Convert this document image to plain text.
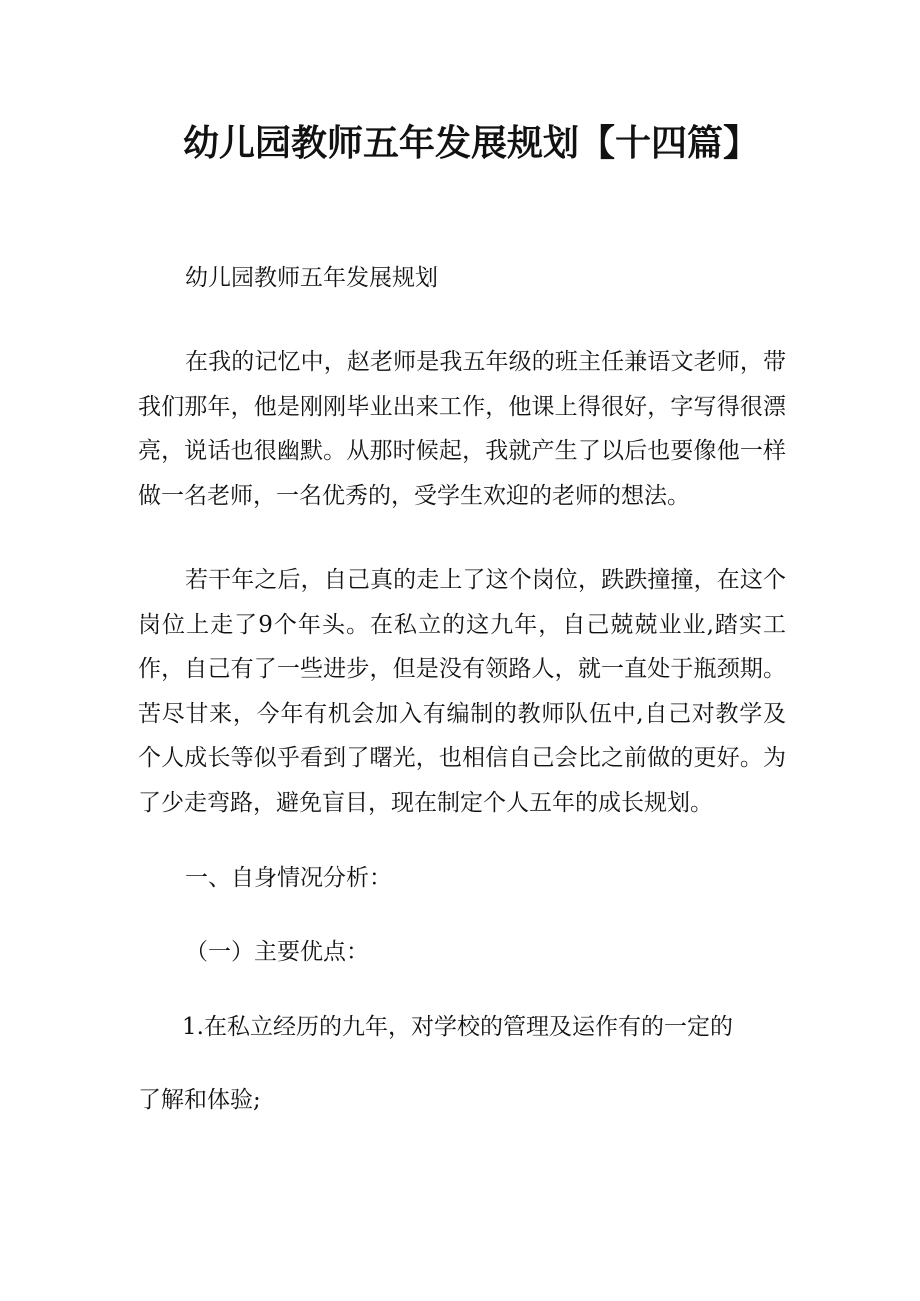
幼儿园教师五年发展规划【十四篇】

幼儿园教师五年发展规划

在我的记忆中，赵老师是我五年级的班主任兼语文老师，带我们那年，他是刚刚毕业出来工作，他课上得很好，字写得很漂亮，说话也很幽默。从那时候起，我就产生了以后也要像他一样做一名老师，一名优秀的，受学生欢迎的老师的想法。

若干年之后，自己真的走上了这个岗位，跌跌撞撞，在这个岗位上走了9个年头。在私立的这九年，自己兢兢业业,踏实工作，自己有了一些进步，但是没有领路人，就一直处于瓶颈期。苦尽甘来，今年有机会加入有编制的教师队伍中,自己对教学及个人成长等似乎看到了曙光，也相信自己会比之前做的更好。为了少走弯路，避免盲目，现在制定个人五年的成长规划。

一、自身情况分析：

（一）主要优点：

1.在私立经历的九年，对学校的管理及运作有的一定的

了解和体验;
